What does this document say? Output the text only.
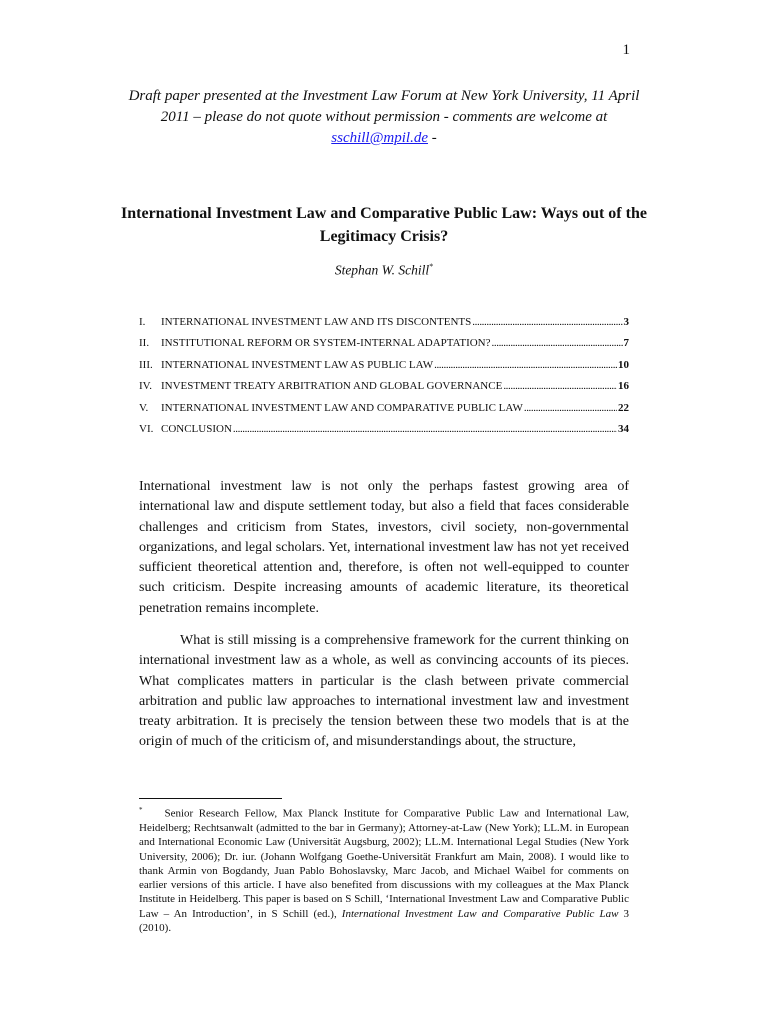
1
Draft paper presented at the Investment Law Forum at New York University, 11 April 2011 – please do not quote without permission - comments are welcome at sschill@mpil.de -
International Investment Law and Comparative Public Law: Ways out of the Legitimacy Crisis?
Stephan W. Schill*
I.	INTERNATIONAL INVESTMENT LAW AND ITS DISCONTENTS .....	3
II.	INSTITUTIONAL REFORM OR SYSTEM-INTERNAL ADAPTATION? .....	7
III. INTERNATIONAL INVESTMENT LAW AS PUBLIC LAW .....	10
IV. INVESTMENT TREATY ARBITRATION AND GLOBAL GOVERNANCE .....	16
V.	INTERNATIONAL INVESTMENT LAW AND COMPARATIVE PUBLIC LAW .....	22
VI. CONCLUSION .....	34

International investment law is not only the perhaps fastest growing area of international law and dispute settlement today, but also a field that faces considerable challenges and criticism from States, investors, civil society, non-governmental organizations, and legal scholars. Yet, international investment law has not yet received sufficient theoretical attention and, therefore, is often not well-equipped to counter such criticism. Despite increasing amounts of academic literature, its theoretical penetration remains incomplete.

What is still missing is a comprehensive framework for the current thinking on international investment law as a whole, as well as convincing accounts of its pieces. What complicates matters in particular is the clash between private commercial arbitration and public law approaches to international investment law and investment treaty arbitration. It is precisely the tension between these two models that is at the origin of much of the criticism of, and misunderstandings about, the structure,

* Senior Research Fellow, Max Planck Institute for Comparative Public Law and International Law, Heidelberg; Rechtsanwalt (admitted to the bar in Germany); Attorney-at-Law (New York); LL.M. in European and International Economic Law (Universität Augsburg, 2002); LL.M. International Legal Studies (New York University, 2006); Dr. iur. (Johann Wolfgang Goethe-Universität Frankfurt am Main, 2008). I would like to thank Armin von Bogdandy, Juan Pablo Bohoslavsky, Marc Jacob, and Michael Waibel for comments on earlier versions of this article. I have also benefited from discussions with my colleagues at the Max Planck Institute in Heidelberg. This paper is based on S Schill, ‘International Investment Law and Comparative Public Law – An Introduction’, in S Schill (ed.), International Investment Law and Comparative Public Law 3 (2010).
